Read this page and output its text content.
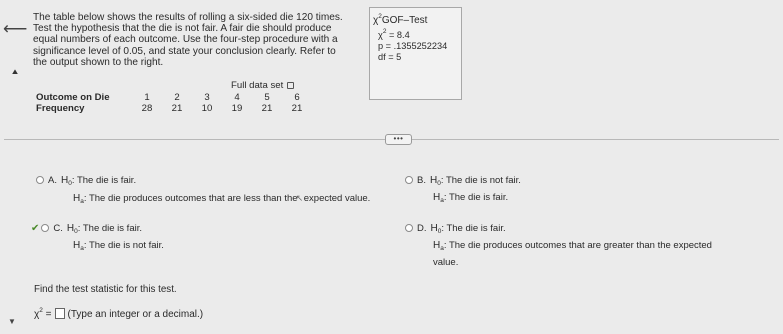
⟵
▲
The table below shows the results of rolling a six-sided die 120 times.
Test the hypothesis that the die is not fair. A fair die should produce
equal numbers of each outcome. Use the four-step procedure with a
significance level of 0.05, and state your conclusion clearly. Refer to
the output shown to the right.
$\chi^2GOF$–Test
$\chi^2 = 8.4$
p = .1355252234
df = 5
Full data set
Outcome on Die	1	2	3	4	5	6
Frequency	28	21	10	19	21	21
•••
A. $H_0$: The die is fair.
$H_a$: The die produces outcomes that are less than the↖ expected value.
B. $H_0$: The die is not fair.
$H_a$: The die is fair.
✔ C. $H_0$: The die is fair.
$H_a$: The die is not fair.
D. $H_0$: The die is fair.
$H_a$: The die produces outcomes that are greater than the expected
value.
Find the test statistic for this test.
$\chi^2$ = (Type an integer or a decimal.)
▼
